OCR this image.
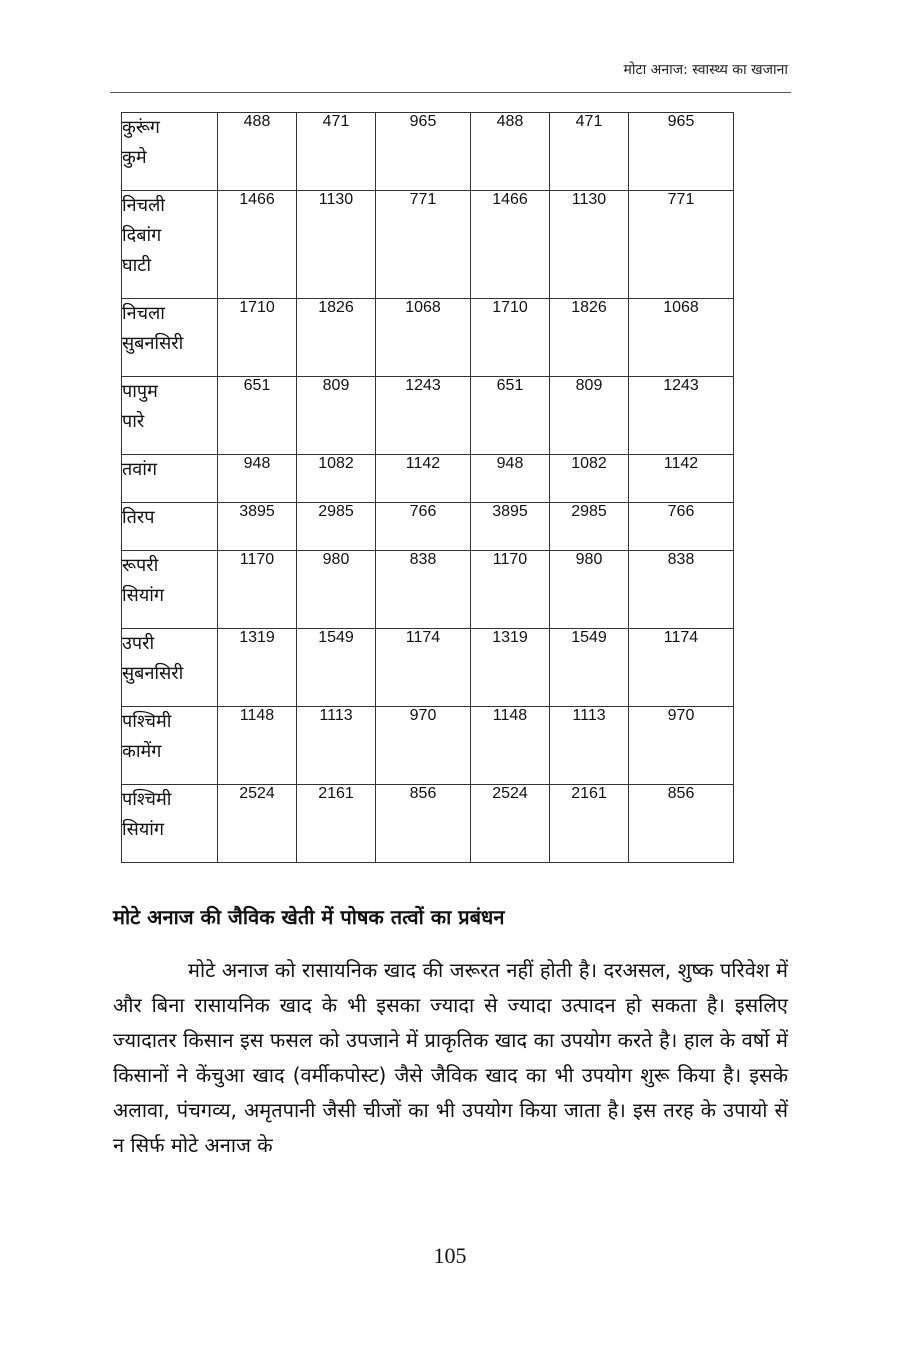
मोटा अनाज: स्वास्थ्य का खजाना
कुरूंग
कुमे	488	471	965	488	471	965

निचली
दिबांग
घाटी	1466	1130	771	1466	1130	771

निचला
सुबनसिरी	1710	1826	1068	1710	1826	1068

पापुम
पारे	651	809	1243	651	809	1243

तवांग	948	1082	1142	948	1082	1142

तिरप	3895	2985	766	3895	2985	766

रूपरी
सियांग	1170	980	838	1170	980	838

उपरी
सुबनसिरी	1319	1549	1174	1319	1549	1174

पश्चिमी
कामेंग	1148	1113	970	1148	1113	970

पश्चिमी
सियांग	2524	2161	856	2524	2161	856
मोटे अनाज की जैविक खेती में पोषक तत्वों का प्रबंधन

मोटे अनाज को रासायनिक खाद की जरूरत नहीं होती है। दरअसल, शुष्क परिवेश में और बिना रासायनिक खाद के भी इसका ज्यादा से ज्यादा उत्पादन हो सकता है। इसलिए ज्यादातर किसान इस फसल को उपजाने में प्राकृतिक खाद का उपयोग करते है। हाल के वर्षो में किसानों ने केंचुआ खाद (वर्मीकपोस्ट) जैसे जैविक खाद का भी उपयोग शुरू किया है। इसके अलावा, पंचगव्य, अमृतपानी जैसी चीजों का भी उपयोग किया जाता है। इस तरह के उपायो सें न सिर्फ मोटे अनाज के

105
